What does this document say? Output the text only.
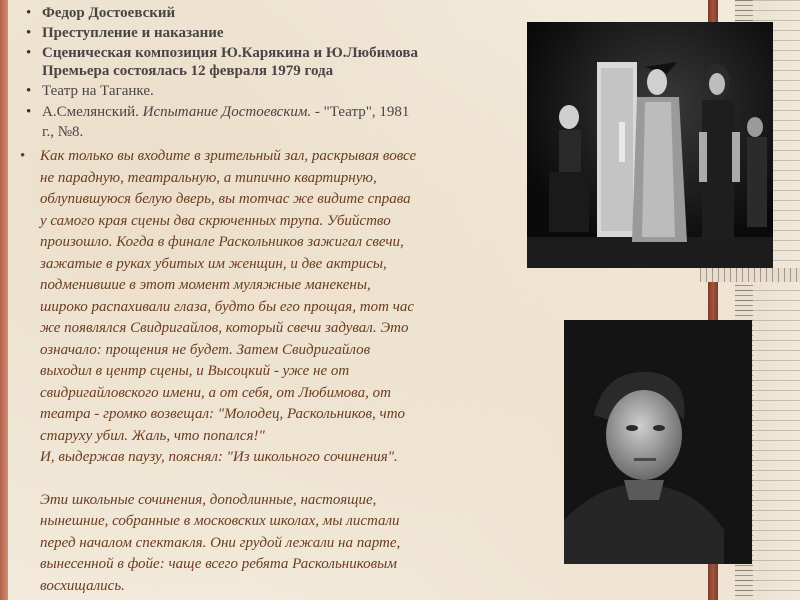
• Федор Достоевский
• Преступление и наказание
• Сценическая композиция Ю.Карякина и Ю.Любимова
Премьера состоялась 12 февраля 1979 года
• Театр на Таганке.
• А.Смелянский. Испытание Достоевским. - "Театр", 1981
г., №8.
• Как только вы входите в зрительный зал, раскрывая вовсе

не парадную, театральную, а типично квартирную,

облупившуюся белую дверь, вы тотчас же видите справа

у самого края сцены два скрюченных трупа. Убийство

произошло. Когда в финале Раскольников зажигал свечи,

зажатые в руках убитых им женщин, и две актрисы,

подменившие в этот момент муляжные манекены,

широко распахивали глаза, будто бы его прощая, тот час

же появлялся Свидригайлов, который свечи задувал. Это

означало: прощения не будет. Затем Свидригайлов

выходил в центр сцены, и Высоцкий - уже не от

свидригайловского имени, а от себя, от Любимова, от

театра - громко возвещал: "Молодец, Раскольников, что

старуху убил. Жаль, что попался!"

И, выдержав паузу, пояснял: "Из школьного сочинения".

Эти школьные сочинения, доподлинные, настоящие,

нынешние, собранные в московских школах, мы листали

перед началом спектакля. Они грудой лежали на парте,

вынесенной в фойе: чаще всего ребята Раскольниковым

восхищались.
